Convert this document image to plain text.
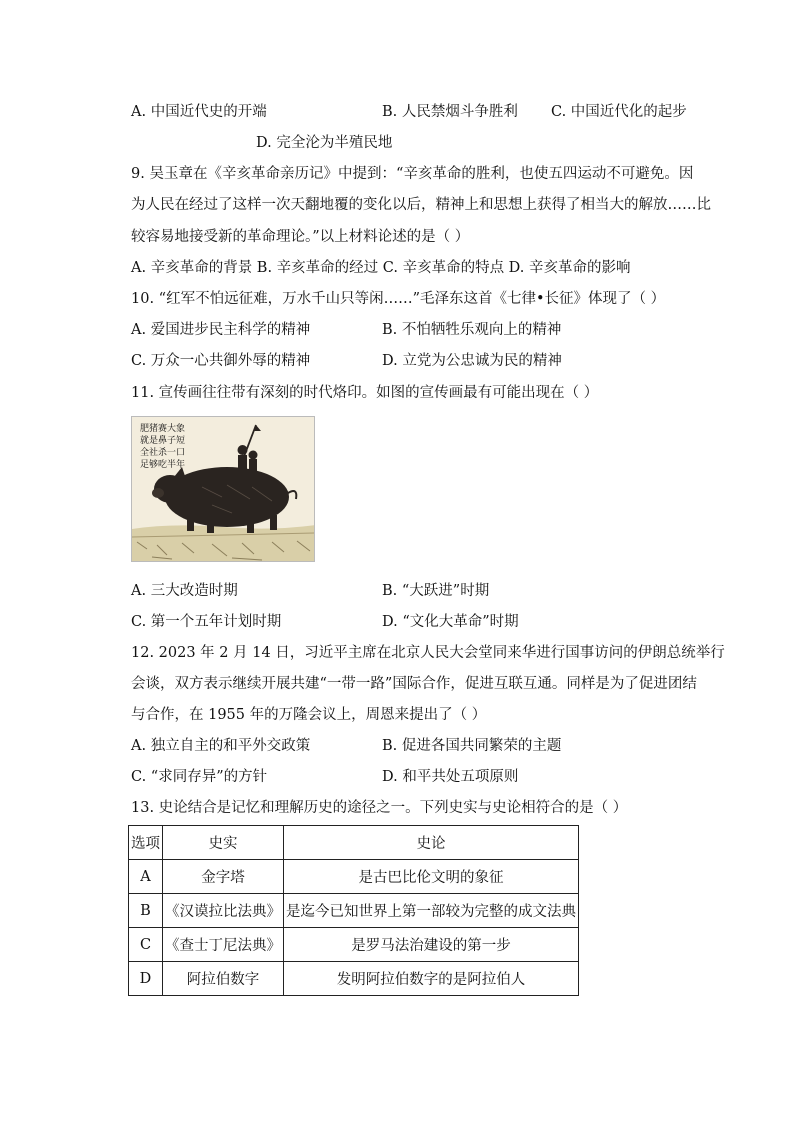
A. 中国近代史的开端	B. 人民禁烟斗争胜利 C. 中国近代化的起步
D. 完全沦为半殖民地
9. 吴玉章在《辛亥革命亲历记》中提到：“辛亥革命的胜利，也使五四运动不可避免。因
为人民在经过了这样一次天翻地覆的变化以后，精神上和思想上获得了相当大的解放……比
较容易地接受新的革命理论。”以上材料论述的是（ ）
A. 辛亥革命的背景 B. 辛亥革命的经过 C. 辛亥革命的特点 D. 辛亥革命的影响
10. “红军不怕远征难，万水千山只等闲……”毛泽东这首《七律•长征》体现了（ ）
A. 爱国进步民主科学的精神	B. 不怕牺牲乐观向上的精神
C. 万众一心共御外辱的精神	D. 立党为公忠诚为民的精神
11. 宣传画往往带有深刻的时代烙印。如图的宣传画最有可能出现在（ ）
肥猪赛大象
就是鼻子短
全社杀一口
足够吃半年
A. 三大改造时期	B. “大跃进”时期
C. 第一个五年计划时期	D. “文化大革命”时期
12. 2023 年 2 月 14 日，习近平主席在北京人民大会堂同来华进行国事访问的伊朗总统举行
会谈，双方表示继续开展共建“一带一路”国际合作，促进互联互通。同样是为了促进团结
与合作，在 1955 年的万隆会议上，周恩来提出了（ ）
A. 独立自主的和平外交政策	B. 促进各国共同繁荣的主题
C. “求同存异”的方针	D. 和平共处五项原则
13. 史论结合是记忆和理解历史的途径之一。下列史实与史论相符合的是（ ）
选项	史实	史论
A	金字塔	是古巴比伦文明的象征
B	《汉谟拉比法典》	是迄今已知世界上第一部较为完整的成文法典
C	《查士丁尼法典》	是罗马法治建设的第一步
D	阿拉伯数字	发明阿拉伯数字的是阿拉伯人
